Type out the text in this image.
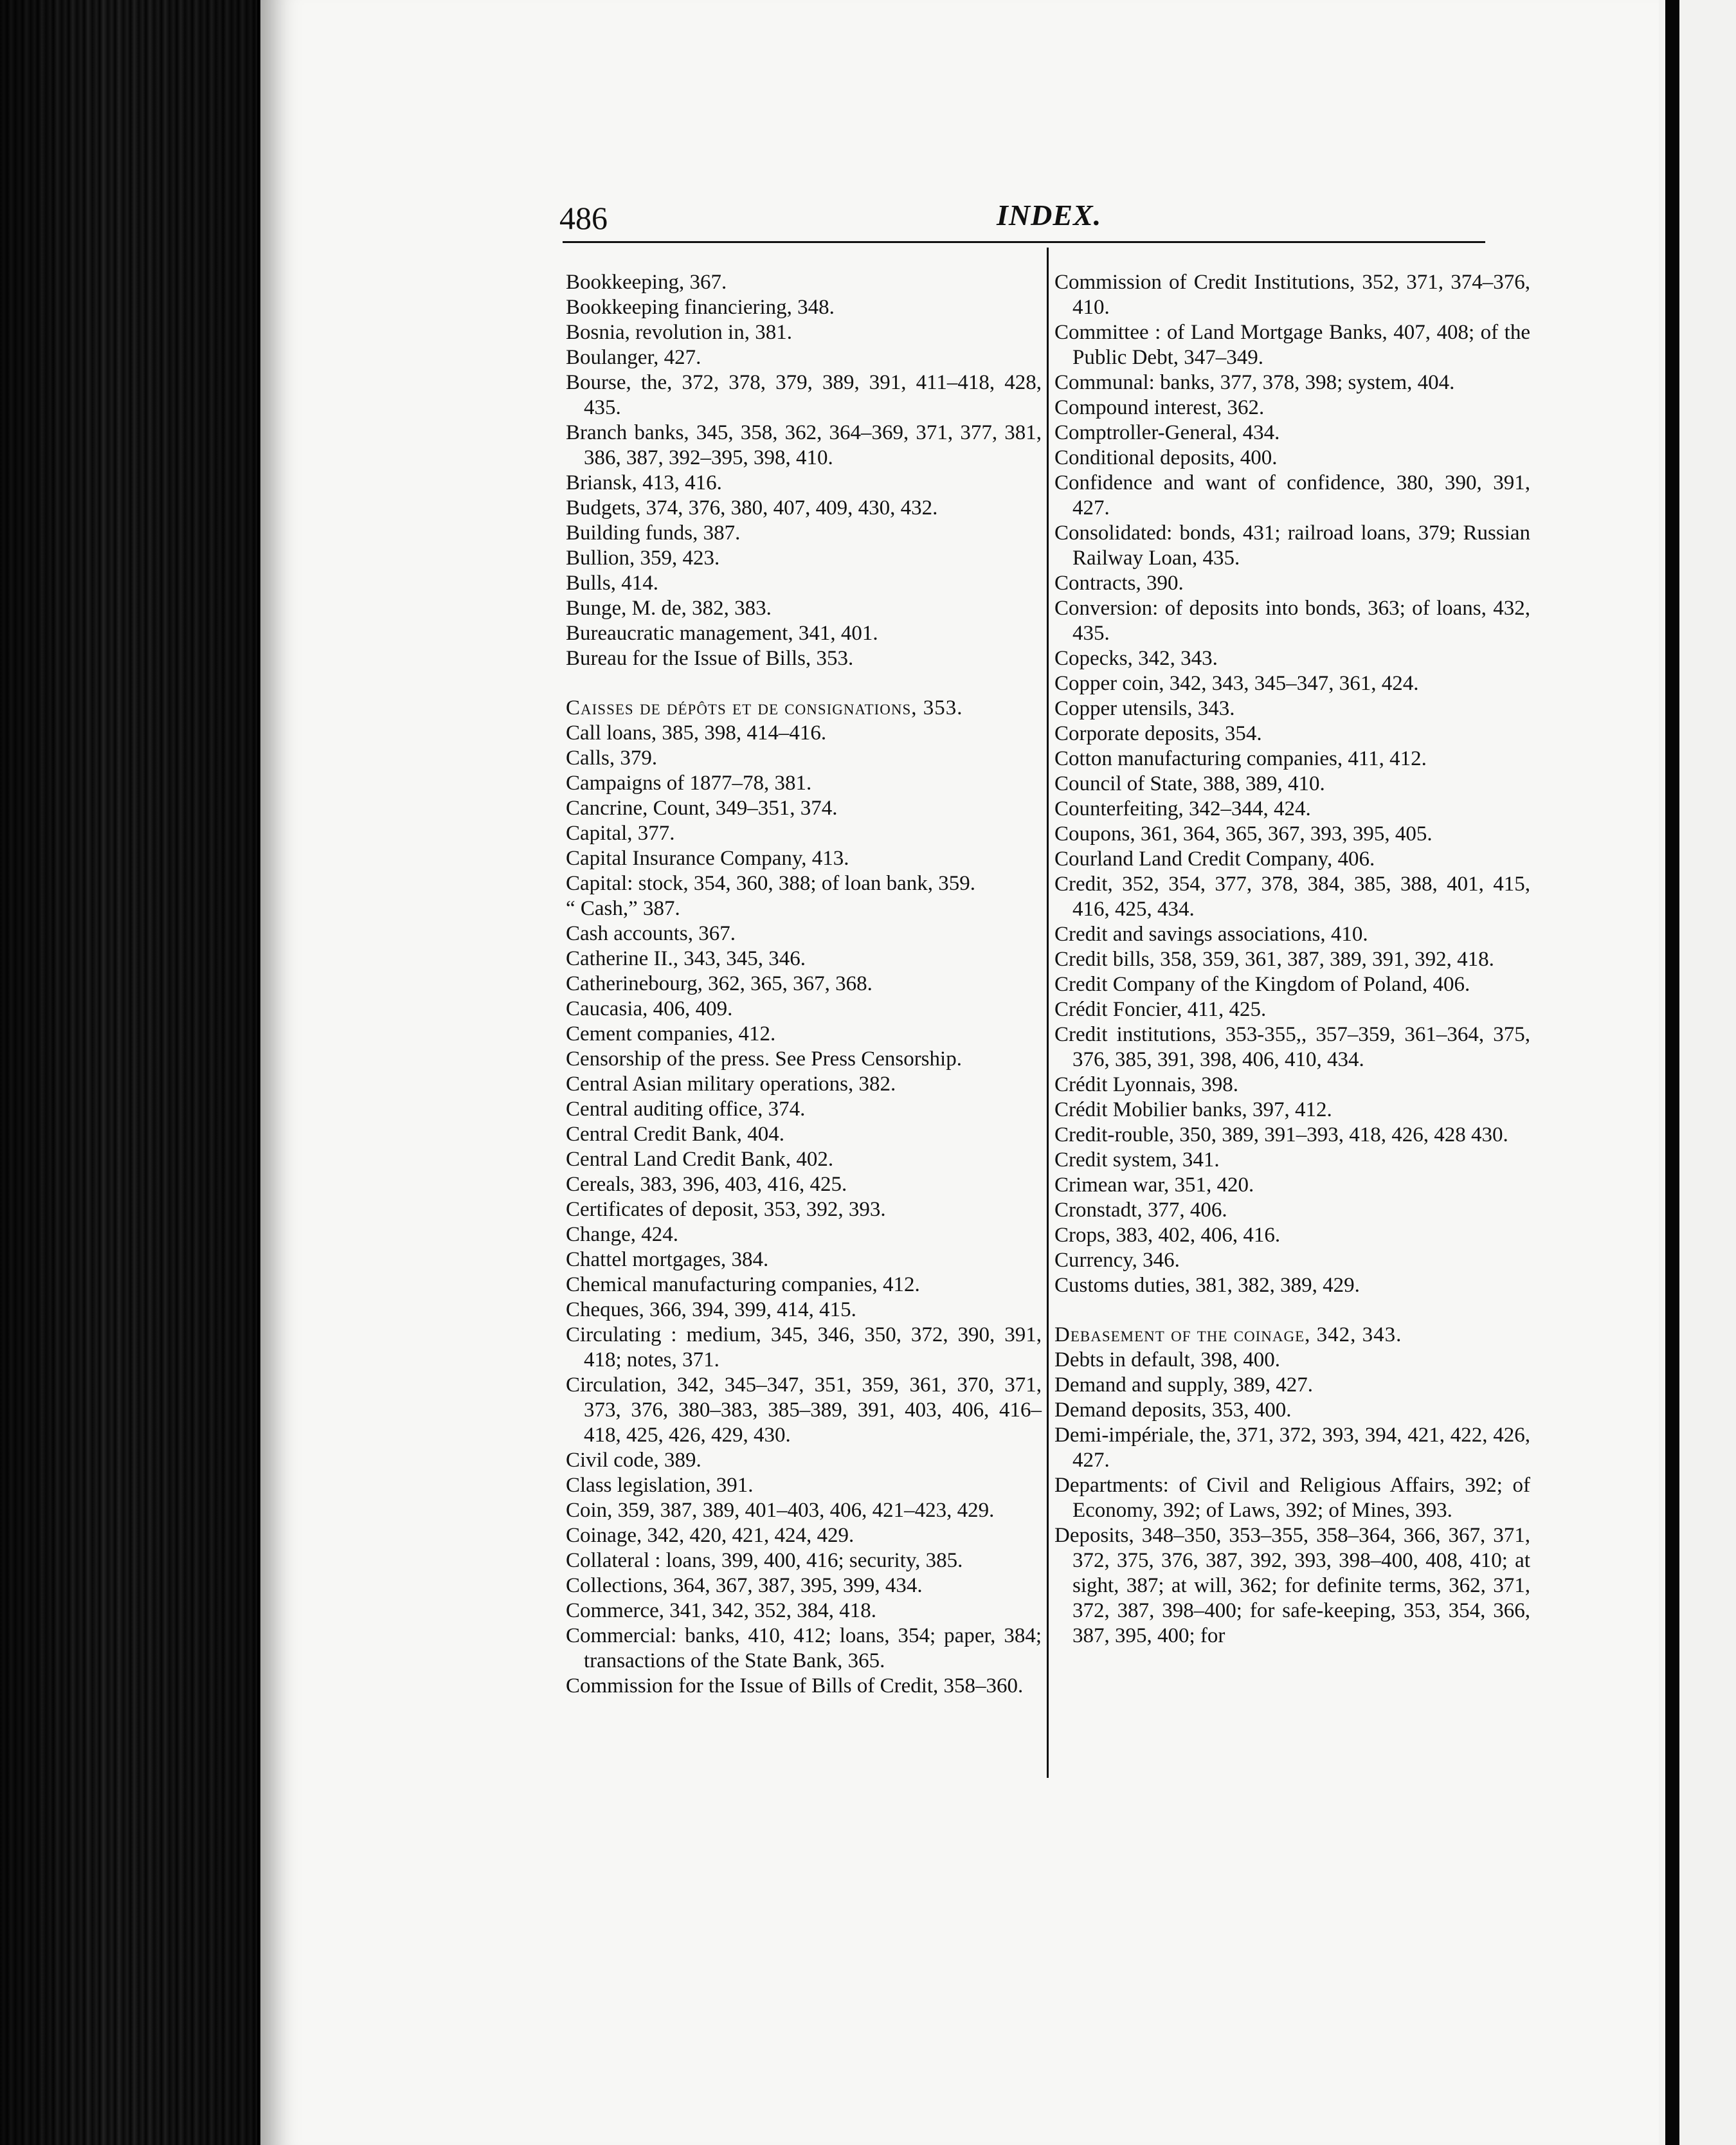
486	INDEX.
Bookkeeping, 367.
Bookkeeping financiering, 348.
Bosnia, revolution in, 381.
Boulanger, 427.
Bourse, the, 372, 378, 379, 389, 391, 411–418, 428, 435.
Branch banks, 345, 358, 362, 364–369, 371, 377, 381, 386, 387, 392–395, 398, 410.
Briansk, 413, 416.
Budgets, 374, 376, 380, 407, 409, 430, 432.
Building funds, 387.
Bullion, 359, 423.
Bulls, 414.
Bunge, M. de, 382, 383.
Bureaucratic management, 341, 401.
Bureau for the Issue of Bills, 353.
Caisses de dépôts et de consignations, 353.
Call loans, 385, 398, 414–416.
Calls, 379.
Campaigns of 1877–78, 381.
Cancrine, Count, 349–351, 374.
Capital, 377.
Capital Insurance Company, 413.
Capital: stock, 354, 360, 388; of loan bank, 359.
“ Cash,” 387.
Cash accounts, 367.
Catherine II., 343, 345, 346.
Catherinebourg, 362, 365, 367, 368.
Caucasia, 406, 409.
Cement companies, 412.
Censorship of the press. See Press Censorship.
Central Asian military operations, 382.
Central auditing office, 374.
Central Credit Bank, 404.
Central Land Credit Bank, 402.
Cereals, 383, 396, 403, 416, 425.
Certificates of deposit, 353, 392, 393.
Change, 424.
Chattel mortgages, 384.
Chemical manufacturing companies, 412.
Cheques, 366, 394, 399, 414, 415.
Circulating : medium, 345, 346, 350, 372, 390, 391, 418; notes, 371.
Circulation, 342, 345–347, 351, 359, 361, 370, 371, 373, 376, 380–383, 385–389, 391, 403, 406, 416–418, 425, 426, 429, 430.
Civil code, 389.
Class legislation, 391.
Coin, 359, 387, 389, 401–403, 406, 421–423, 429.
Coinage, 342, 420, 421, 424, 429.
Collateral : loans, 399, 400, 416; security, 385.
Collections, 364, 367, 387, 395, 399, 434.
Commerce, 341, 342, 352, 384, 418.
Commercial: banks, 410, 412; loans, 354; paper, 384; transactions of the State Bank, 365.
Commission for the Issue of Bills of Credit, 358–360.
Commission of Credit Institutions, 352, 371, 374–376, 410.
Committee : of Land Mortgage Banks, 407, 408; of the Public Debt, 347–349.
Communal: banks, 377, 378, 398; system, 404.
Compound interest, 362.
Comptroller-General, 434.
Conditional deposits, 400.
Confidence and want of confidence, 380, 390, 391, 427.
Consolidated: bonds, 431; railroad loans, 379; Russian Railway Loan, 435.
Contracts, 390.
Conversion: of deposits into bonds, 363; of loans, 432, 435.
Copecks, 342, 343.
Copper coin, 342, 343, 345–347, 361, 424.
Copper utensils, 343.
Corporate deposits, 354.
Cotton manufacturing companies, 411, 412.
Council of State, 388, 389, 410.
Counterfeiting, 342–344, 424.
Coupons, 361, 364, 365, 367, 393, 395, 405.
Courland Land Credit Company, 406.
Credit, 352, 354, 377, 378, 384, 385, 388, 401, 415, 416, 425, 434.
Credit and savings associations, 410.
Credit bills, 358, 359, 361, 387, 389, 391, 392, 418.
Credit Company of the Kingdom of Poland, 406.
Crédit Foncier, 411, 425.
Credit institutions, 353-355,, 357–359, 361–364, 375, 376, 385, 391, 398, 406, 410, 434.
Crédit Lyonnais, 398.
Crédit Mobilier banks, 397, 412.
Credit-rouble, 350, 389, 391–393, 418, 426, 428 430.
Credit system, 341.
Crimean war, 351, 420.
Cronstadt, 377, 406.
Crops, 383, 402, 406, 416.
Currency, 346.
Customs duties, 381, 382, 389, 429.
Debasement of the coinage, 342, 343.
Debts in default, 398, 400.
Demand and supply, 389, 427.
Demand deposits, 353, 400.
Demi-impériale, the, 371, 372, 393, 394, 421, 422, 426, 427.
Departments: of Civil and Religious Affairs, 392; of Economy, 392; of Laws, 392; of Mines, 393.
Deposits, 348–350, 353–355, 358–364, 366, 367, 371, 372, 375, 376, 387, 392, 393, 398–400, 408, 410; at sight, 387; at will, 362; for definite terms, 362, 371, 372, 387, 398–400; for safe-keeping, 353, 354, 366, 387, 395, 400; for
